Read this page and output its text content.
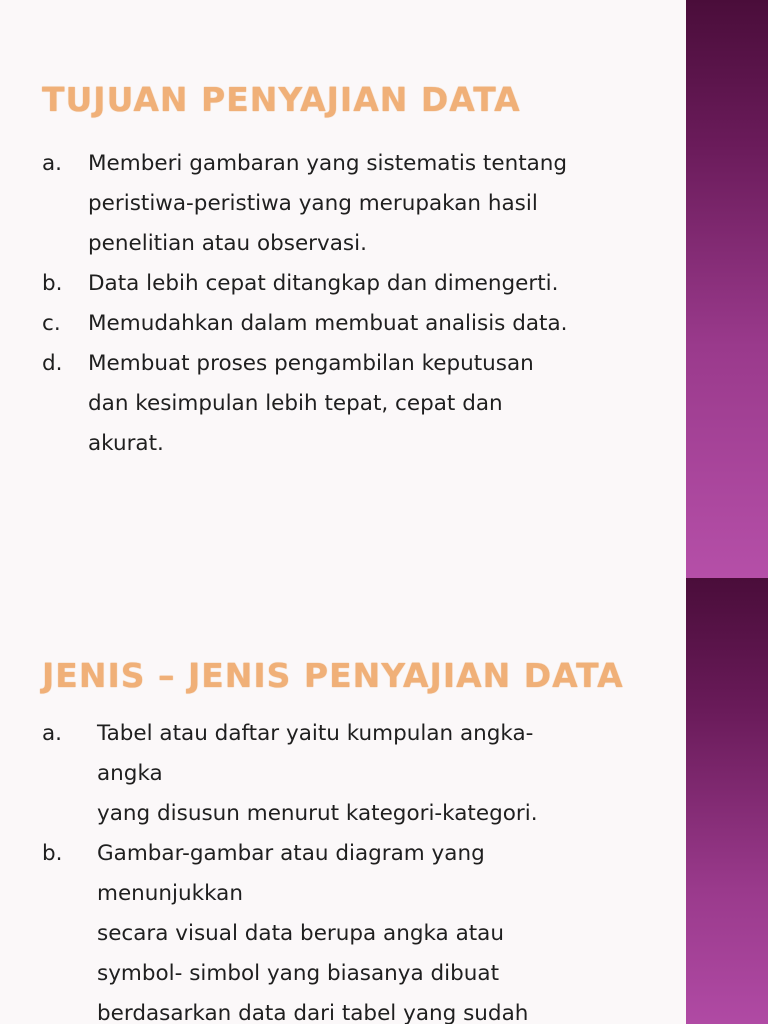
TUJUAN PENYAJIAN DATA
a. Memberi gambaran yang sistematis tentang
peristiwa-peristiwa yang merupakan hasil
penelitian atau observasi.
b. Data lebih cepat ditangkap dan dimengerti.
c. Memudahkan dalam membuat analisis data.
d. Membuat proses pengambilan keputusan
dan kesimpulan lebih tepat, cepat dan
akurat.
JENIS – JENIS PENYAJIAN DATA
a. Tabel atau daftar yaitu kumpulan angka-
angka
yang disusun menurut kategori-kategori.
b. Gambar-gambar atau diagram yang
menunjukkan
secara visual data berupa angka atau
symbol- simbol yang biasanya dibuat
berdasarkan data dari tabel yang sudah
